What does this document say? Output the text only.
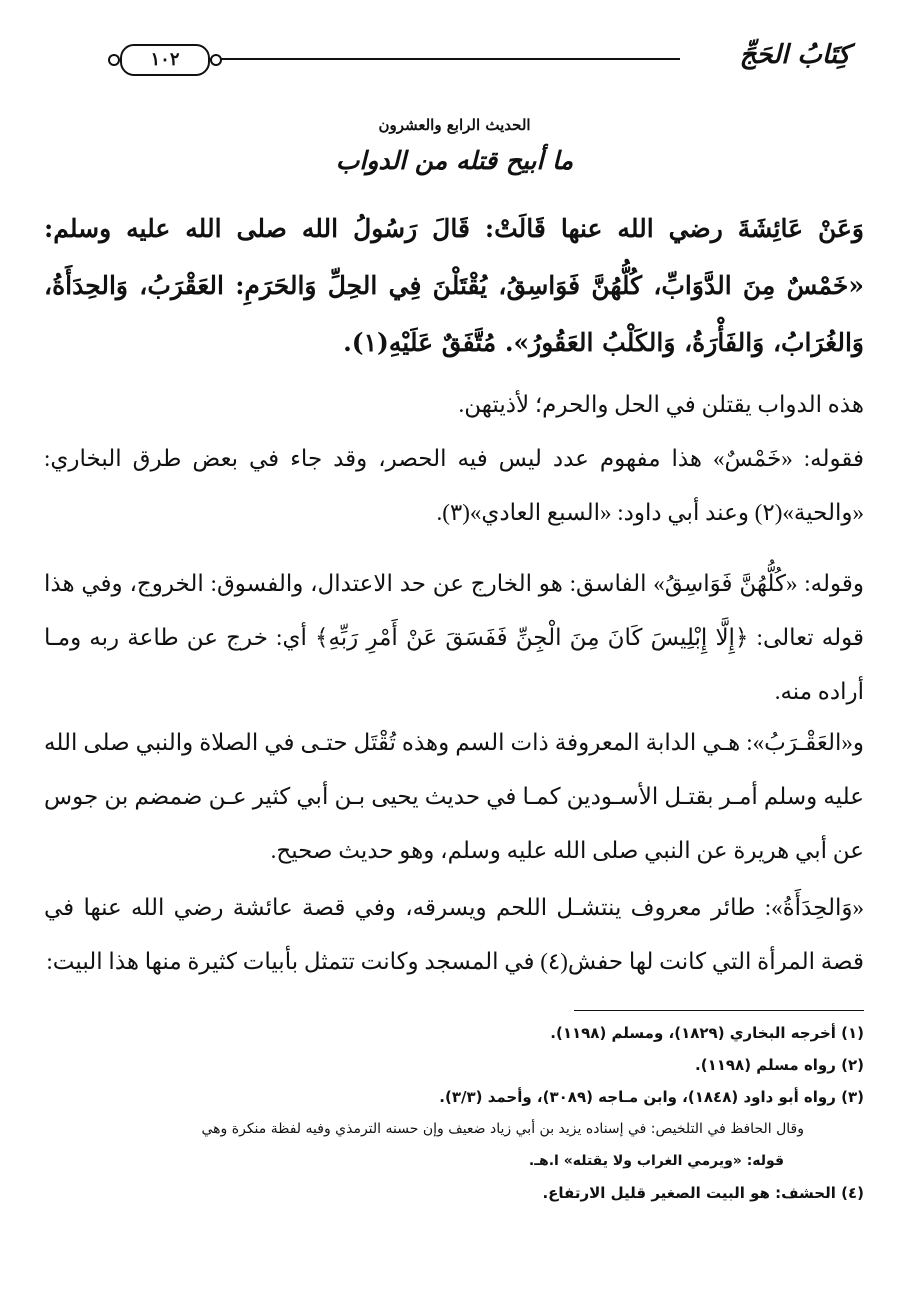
كِتَابُ الحَجِّ
١٠٢
الحديث الرابع والعشرون
ما أبيح قتله من الدواب
وَعَنْ عَائِشَةَ رضي الله عنها قَالَتْ: قَالَ رَسُولُ الله صلى الله عليه وسلم: «خَمْسٌ مِنَ الدَّوَابِّ، كُلُّهُنَّ فَوَاسِقُ، يُقْتَلْنَ فِي الحِلِّ وَالحَرَمِ: العَقْرَبُ، وَالحِدَأَةُ، وَالغُرَابُ، وَالفَأْرَةُ، وَالكَلْبُ العَقُورُ». مُتَّفَقٌ عَلَيْهِ(١).
هذه الدواب يقتلن في الحل والحرم؛ لأذيتهن.
فقوله: «خَمْسٌ» هذا مفهوم عدد ليس فيه الحصر، وقد جاء في بعض طرق البخاري: «والحية»(٢) وعند أبي داود: «السبع العادي»(٣).
وقوله: «كُلُّهُنَّ فَوَاسِقُ» الفاسق: هو الخارج عن حد الاعتدال، والفسوق: الخروج، وفي هذا قوله تعالى: ﴿إِلَّا إِبْلِيسَ كَانَ مِنَ الْجِنِّ فَفَسَقَ عَنْ أَمْرِ رَبِّهِ﴾ أي: خرج عن طاعة ربه ومـا أراده منه.
و«العَقْـرَبُ»: هـي الدابة المعروفة ذات السم وهذه تُقْتَل حتـى في الصلاة والنبي صلى الله عليه وسلم أمـر بقتـل الأسـودين كمـا في حديث يحيى بـن أبي كثير عـن ضمضم بن جوس عن أبي هريرة عن النبي صلى الله عليه وسلم، وهو حديث صحيح.
«وَالحِدَأَةُ»: طائر معروف ينتشـل اللحم ويسرقه، وفي قصة عائشة رضي الله عنها في قصة المرأة التي كانت لها حفش(٤) في المسجد وكانت تتمثل بأبيات كثيرة منها هذا البيت:
(١) أخرجه البخاري (١٨٢٩)، ومسلم (١١٩٨).
(٢) رواه مسلم (١١٩٨).
(٣) رواه أبو داود (١٨٤٨)، وابن مـاجه (٣٠٨٩)، وأحمد (٣/٣).
وقال الحافظ في التلخيص: في إسناده يزيد بن أبي زياد ضعيف وإن حسنه الترمذي وفيه لفظة منكرة وهي
قوله: «ويرمي الغراب ولا يقتله» ا.هـ.
(٤) الحشف: هو البيت الصغير قليل الارتفاع.
